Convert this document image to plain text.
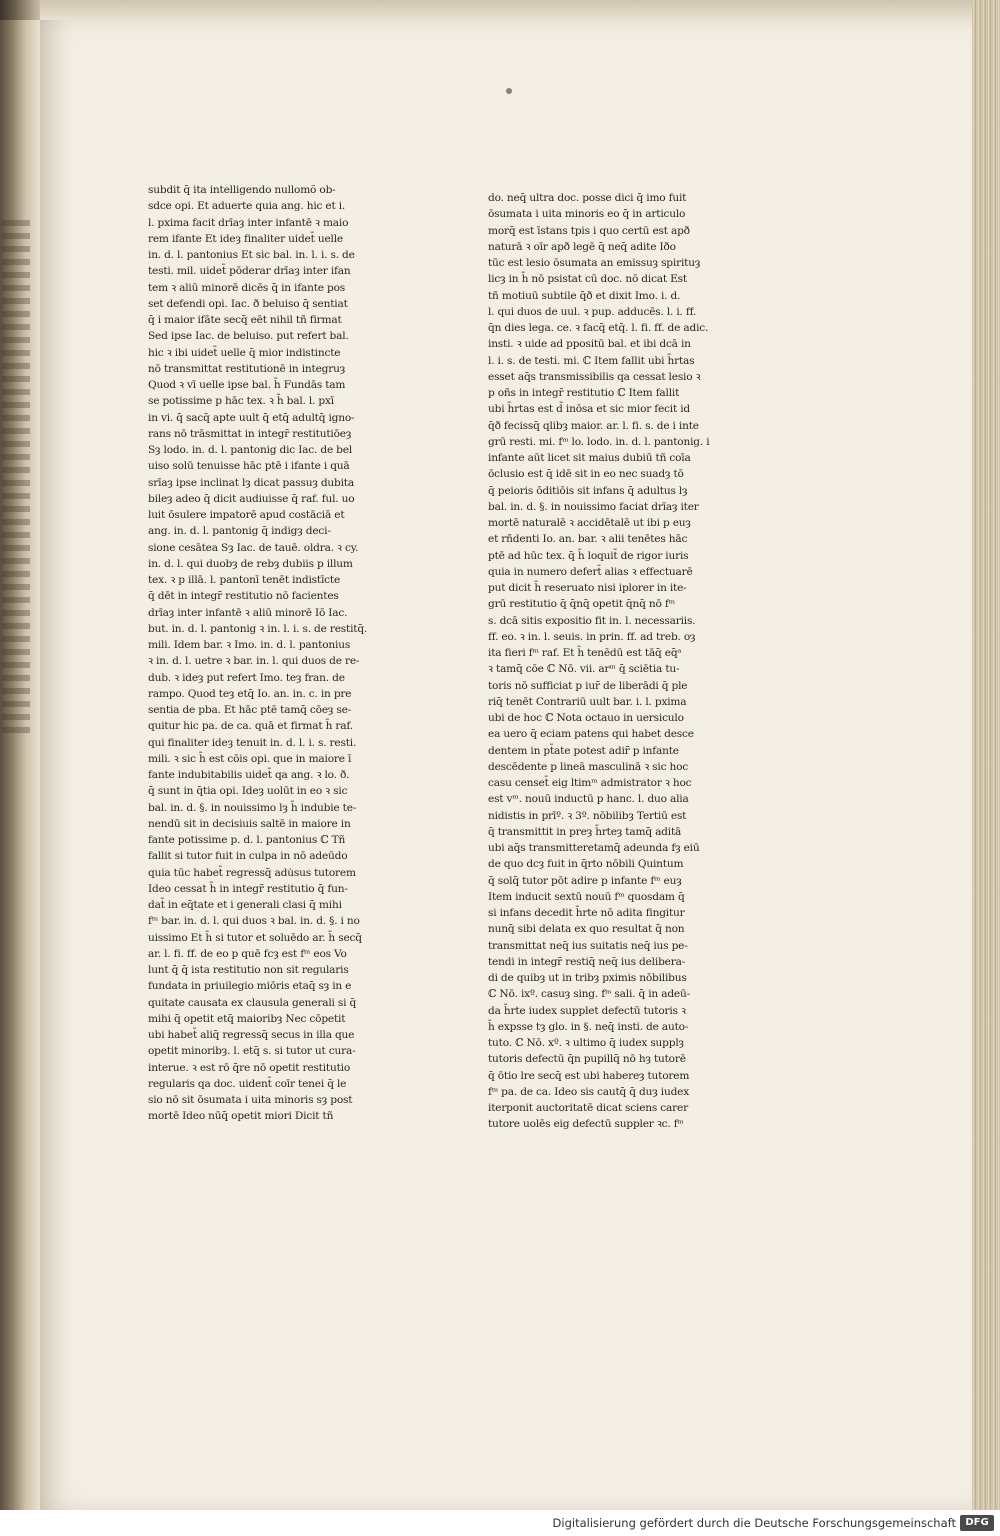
subdit q̄ ita intelligendo nullomõ ob-
sdce opi. Et aduerte quia ang. hic et i.
l. pxima facit drīaȝ inter infantē ꝛ maio
rem ifante Et ideȝ finaliter uidet̄ uelle
in. d. l. pantonius Et sic bal. in. l. i. s. de
testi. mil. uidet̄ pōderar drīaȝ inter ifan
tem ꝛ aliū minorē dicēs q̄ in ifante pos
set defendi opi. Iac. ð beluiso q̄ sentiat
q̄ i maior ifāte secq̄ eēt nihil tñ firmat
Sed ipse Iac. de beluiso. put refert bal.
hic ꝛ ibi uidet̄ uelle q̄ mior indistincte
nō transmittat restitutionē in integruȝ
Quod ꝛ vī uelle ipse bal. h̄ Fundās tam
se potissime p hāc tex. ꝛ h̄ bal. l. pxī
in vi. q̄ sacq̄ apte uult q̄ etq̄ adultq̄ igno-
rans nō trāsmittat in integr̄ restitutiōeȝ
Sȝ lodo. in. d. l. pantonig dic Iac. de bel
uiso solū tenuisse hāc ptē i ifante i quā
srīaȝ ipse inclinat lȝ dicat passuȝ dubita
bileȝ adeo q̄ dicit audiuisse q̄ raf. ful. uo
luit ōsulere impatorē apud costāciā et
ang. in. d. l. pantonig q̄ indigȝ deci-
sione cesātea Sȝ Iac. de tauē. oldra. ꝛ cy.
in. d. l. qui duobȝ de rebȝ dubiis p illum
tex. ꝛ p illā. l. pantonī tenēt indistīcte
q̄ dēt in integr̄ restitutio nō facientes
drīaȝ inter infantē ꝛ aliū minorē Iō Iac.
but. in. d. l. pantonig ꝛ in. l. i. s. de restitq̄.
mili. Idem bar. ꝛ Imo. in. d. l. pantonius
ꝛ in. d. l. uetre ꝛ bar. in. l. qui duos de re-
dub. ꝛ ideȝ put refert Imo. teȝ fran. de
rampo. Quod teȝ etq̄ Io. an. in. c. in pre
sentia de pba. Et hāc ptē tamq̄ cōeȝ se-
quitur hic pa. de ca. quā et firmat h̄ raf.
qui finaliter ideȝ tenuit in. d. l. i. s. resti.
mili. ꝛ sic h̄ est cōis opi. que in maiore ī
fante indubitabilis uidet̄ qa ang. ꝛ lo. ð.
q̄ sunt in q̄tia opi. Ideȝ uolūt in eo ꝛ sic
bal. in. d. §. in nouissimo lȝ h̄ indubie te-
nendū sit in decisiuis saltē in maiore in
fante potissime p. d. l. pantonius ℂ Tñ
fallit si tutor fuit in culpa in nō adeūdo
quia tūc habet̄ regressq̄ adu̇sus tutorem
Ideo cessat h̄ in integr̄ restitutio q̄ fun-
dat̄ in eq̄tate et i generali clasi q̄ mihi
fᵐ bar. in. d. l. qui duos ꝛ bal. in. d. §. i no
uissimo Et h̄ si tutor et soluēdo ar. h̄ secq̄
ar. l. fi. ff. de eo p quē fcȝ est fᵐ eos Vo
lunt q̄ q̄ ista restitutio non sit regularis
fundata in priuilegio miōris etaq̄ sȝ in e
quitate causata ex clausula generali si q̄
mihi q̄ opetit etq̄ maioribȝ Nec cōpetit
ubi habet̄ aliq̄ regressq̄ secus in illa que
opetit minoribȝ. l. etq̄ s. si tutor ut cura-
interue. ꝛ est rō q̄re nō opetit restitutio
regularis qa doc. uident̄ coīr tenei q̄ le
sio nō sit ōsumata i uita minoris sȝ post
mortē Ideo nūq̄ opetit miori Dicit tñ
do. neq̄ ultra doc. posse dici q̄ imo fuit
ōsumata i uita minoris eo q̄ in articulo
morq̄ est īstans tpis i quo certū est apð
naturā ꝛ oīr apð legē q̄ neq̄ adite Iðo
tūc est lesio ōsumata an emissuȝ spirituȝ
licȝ in h̄ nō psistat cū doc. nō dicat Est
tñ motiuū subtile q̄ð et dixit Imo. i. d.
l. qui duos de uul. ꝛ pup. adducēs. l. i. ff.
q̄n dies lega. ce. ꝛ facq̄ etq̄. l. fi. ff. de adic.
insti. ꝛ uide ad ppositū bal. et ibi dcā in
l. i. s. de testi. mi. ℂ Item fallit ubi h̄rtas
esset aq̄s transmissibilis qa cessat lesio ꝛ
p oñs in integr̄ restitutio ℂ Item fallit
ubi h̄rtas est d̄ inōsa et sic mior fecit id
q̄ð fecissq̄ qlibȝ maior. ar. l. fi. s. de i inte
grū resti. mi. fᵐ lo. lodo. in. d. l. pantonig. i
infante aūt licet sit maius dubiū tñ coīa
ōclusio est q̄ idē sit in eo nec suadȝ tō
q̄ peioris ōditiōis sit infans q̄ adultus lȝ
bal. in. d. §. in nouissimo faciat drīaȝ iter
mortē naturalē ꝛ accidētalē ut ibi p euȝ
et rñdenti Io. an. bar. ꝛ alii tenētes hāc
ptē ad hūc tex. q̄ h̄ loquit̄ de rigor iuris
quia in numero defert̄ alias ꝛ effectuarē
put dicit h̄ reseruato nisi iplorer in ite-
grū restitutio q̄ q̄nq̄ opetit q̄nq̄ nō fᵐ
s. dcā sitis expositio fit in. l. necessariis.
ff. eo. ꝛ in. l. seuis. in prin. ff. ad treb. oȝ
ita fieri fᵐ raf. Et h̄ tenēdū est tāq̄ eq̄ᵃ
ꝛ tamq̄ cōe ℂ Nō. vii. arᵐ q̄ sciētia tu-
toris nō sufficiat p iur̄ de liberādi q̄ ple
riq̄ tenēt Contrariū uult bar. i. l. pxima
ubi de hoc ℂ Nota octauo in uersiculo
ea uero q̄ eciam patens qui habet desce
dentem in pt̄ate potest adir̄ p infante
descēdente p lineā masculinā ꝛ sic hoc
casu censet̄ eig ltimᵐ admistrator ꝛ hoc
est vᵐ. nouū inductū p hanc. l. duo alia
nidistis in prīº. ꝛ 3º. nōbilibȝ Tertiū est
q̄ transmittit in preȝ h̄rteȝ tamq̄ aditā
ubi aq̄s transmitteretamq̄ adeunda fȝ eiū
de quo dcȝ fuit in q̄rto nōbili Quintum
q̄ solq̄ tutor pōt adire p infante fᵐ euȝ
Item inducit sextū nouū fᵐ quosdam q̄
si infans decedit h̄rte nō adita fingitur
nunq̄ sibi delata ex quo resultat q̄ non
transmittat neq̄ ius suitatis neq̄ ius pe-
tendi in integr̄ restiq̄ neq̄ ius delibera-
di de quibȝ ut in tribȝ pximis nōbilibus
ℂ Nō. ixº. casuȝ sing. fᵐ sali. q̄ in adeū-
da h̄rte iudex supplet defectū tutoris ꝛ
h̄ expsse tȝ glo. in §. neq̄ insti. de auto-
tuto. ℂ Nō. xº. ꝛ ultimo q̄ iudex supplȝ
tutoris defectū q̄n pupillq̄ nō hȝ tutorē
q̄ ōtio lre secq̄ est ubi habereȝ tutorem
fᵐ pa. de ca. Ideo sis cautq̄ q̄ duȝ iudex
iterponit auctoritatē dicat sciens carer
tutore uolēs eig defectū suppler ꝛc. fᵐ
Digitalisierung gefördert durch die Deutsche Forschungsgemeinschaft DFG
